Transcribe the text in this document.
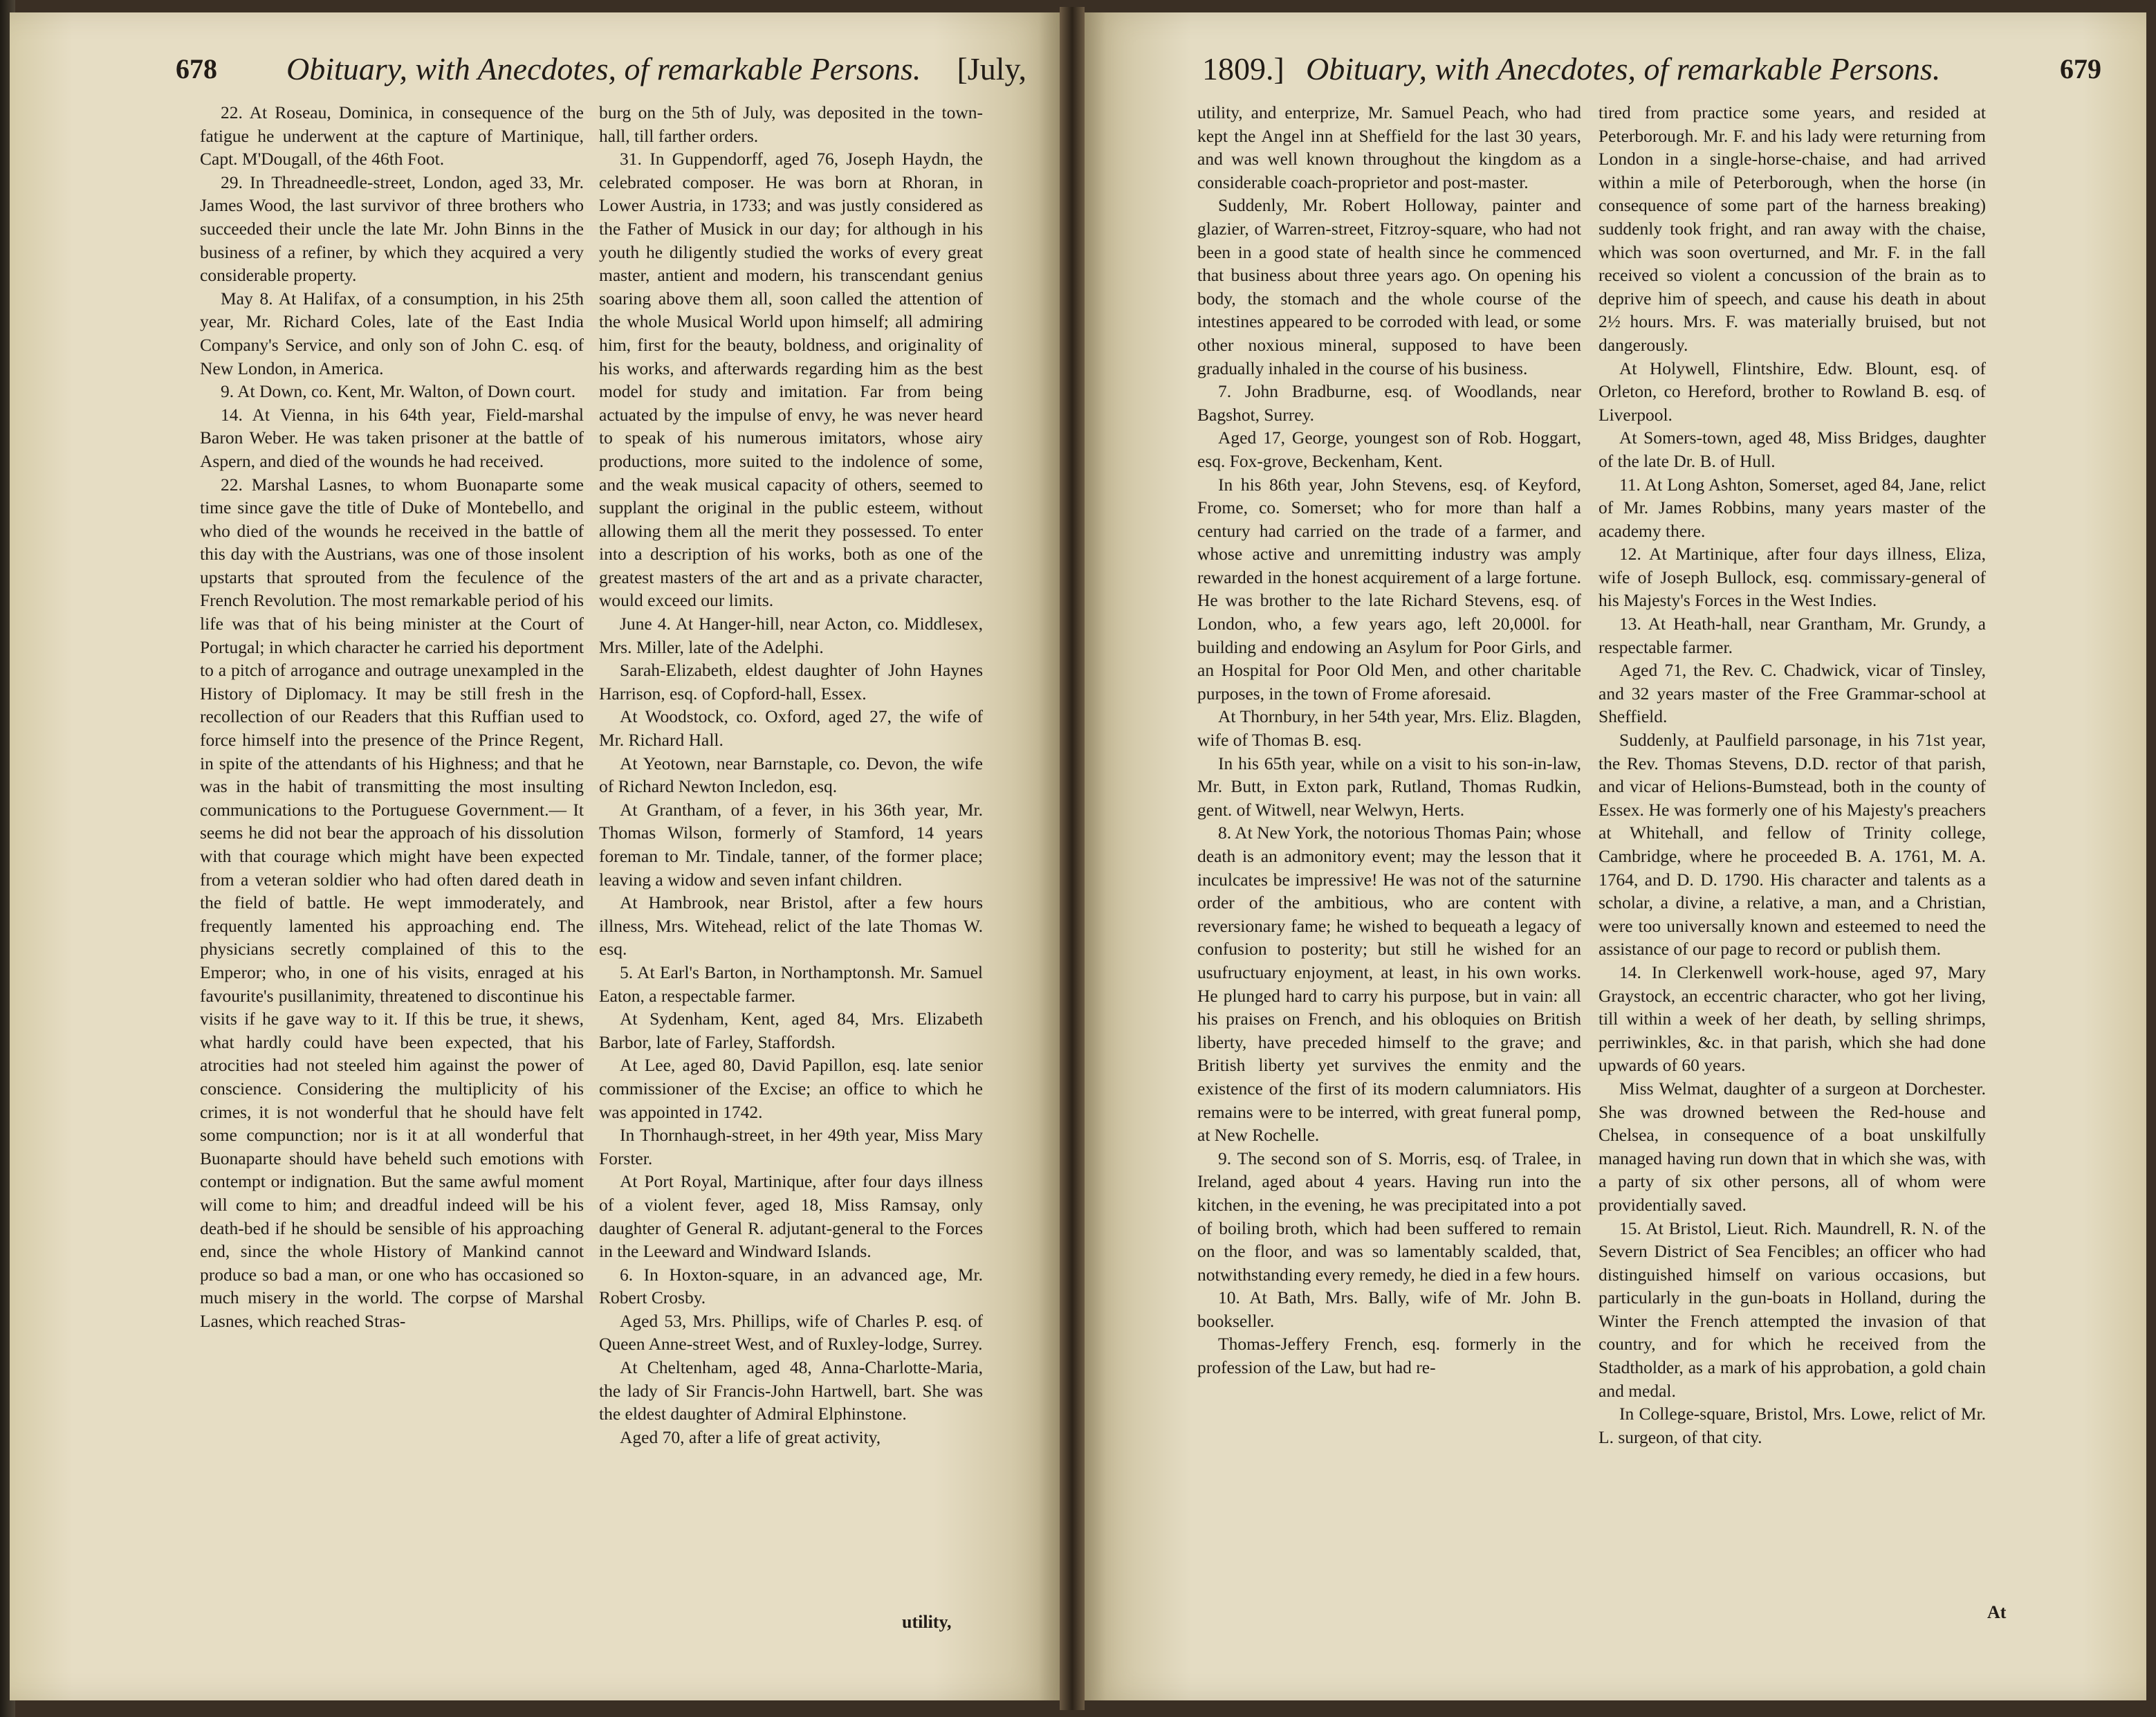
678 Obituary, with Anecdotes, of remarkable Persons. [July,

22. At Roseau, Dominica, in consequence of the fatigue he underwent at the capture of Martinique, Capt. M'Dougall, of the 46th Foot.

29. In Threadneedle-street, London, aged 33, Mr. James Wood, the last survivor of three brothers who succeeded their uncle the late Mr. John Binns in the business of a refiner, by which they acquired a very considerable property.

May 8. At Halifax, of a consumption, in his 25th year, Mr. Richard Coles, late of the East India Company's Service, and only son of John C. esq. of New London, in America.

9. At Down, co. Kent, Mr. Walton, of Down court.

14. At Vienna, in his 64th year, Field-marshal Baron Weber. He was taken prisoner at the battle of Aspern, and died of the wounds he had received.

22. Marshal Lasnes, to whom Buonaparte some time since gave the title of Duke of Montebello, and who died of the wounds he received in the battle of this day with the Austrians, was one of those insolent upstarts that sprouted from the feculence of the French Revolution. The most remarkable period of his life was that of his being minister at the Court of Portugal; in which character he carried his deportment to a pitch of arrogance and outrage unexampled in the History of Diplomacy. It may be still fresh in the recollection of our Readers that this Ruffian used to force himself into the presence of the Prince Regent, in spite of the attendants of his Highness; and that he was in the habit of transmitting the most insulting communications to the Portuguese Government.— It seems he did not bear the approach of his dissolution with that courage which might have been expected from a veteran soldier who had often dared death in the field of battle. He wept immoderately, and frequently lamented his approaching end. The physicians secretly complained of this to the Emperor; who, in one of his visits, enraged at his favourite's pusillanimity, threatened to discontinue his visits if he gave way to it. If this be true, it shews, what hardly could have been expected, that his atrocities had not steeled him against the power of conscience. Considering the multiplicity of his crimes, it is not wonderful that he should have felt some compunction; nor is it at all wonderful that Buonaparte should have beheld such emotions with contempt or indignation. But the same awful moment will come to him; and dreadful indeed will be his death-bed if he should be sensible of his approaching end, since the whole History of Mankind cannot produce so bad a man, or one who has occasioned so much misery in the world. The corpse of Marshal Lasnes, which reached Stras-

burg on the 5th of July, was deposited in the town-hall, till farther orders.

31. In Guppendorff, aged 76, Joseph Haydn, the celebrated composer. He was born at Rhoran, in Lower Austria, in 1733; and was justly considered as the Father of Musick in our day; for although in his youth he diligently studied the works of every great master, antient and modern, his transcendant genius soaring above them all, soon called the attention of the whole Musical World upon himself; all admiring him, first for the beauty, boldness, and originality of his works, and afterwards regarding him as the best model for study and imitation. Far from being actuated by the impulse of envy, he was never heard to speak of his numerous imitators, whose airy productions, more suited to the indolence of some, and the weak musical capacity of others, seemed to supplant the original in the public esteem, without allowing them all the merit they possessed. To enter into a description of his works, both as one of the greatest masters of the art and as a private character, would exceed our limits.

June 4. At Hanger-hill, near Acton, co. Middlesex, Mrs. Miller, late of the Adelphi.

Sarah-Elizabeth, eldest daughter of John Haynes Harrison, esq. of Copford-hall, Essex.

At Woodstock, co. Oxford, aged 27, the wife of Mr. Richard Hall.

At Yeotown, near Barnstaple, co. Devon, the wife of Richard Newton Incledon, esq.

At Grantham, of a fever, in his 36th year, Mr. Thomas Wilson, formerly of Stamford, 14 years foreman to Mr. Tindale, tanner, of the former place; leaving a widow and seven infant children.

At Hambrook, near Bristol, after a few hours illness, Mrs. Witehead, relict of the late Thomas W. esq.

5. At Earl's Barton, in Northamptonsh. Mr. Samuel Eaton, a respectable farmer.

At Sydenham, Kent, aged 84, Mrs. Elizabeth Barbor, late of Farley, Staffordsh.

At Lee, aged 80, David Papillon, esq. late senior commissioner of the Excise; an office to which he was appointed in 1742.

In Thornhaugh-street, in her 49th year, Miss Mary Forster.

At Port Royal, Martinique, after four days illness of a violent fever, aged 18, Miss Ramsay, only daughter of General R. adjutant-general to the Forces in the Leeward and Windward Islands.

6. In Hoxton-square, in an advanced age, Mr. Robert Crosby.

Aged 53, Mrs. Phillips, wife of Charles P. esq. of Queen Anne-street West, and of Ruxley-lodge, Surrey.

At Cheltenham, aged 48, Anna-Charlotte-Maria, the lady of Sir Francis-John Hartwell, bart. She was the eldest daughter of Admiral Elphinstone.

Aged 70, after a life of great activity,

utility,
1809.] Obituary, with Anecdotes, of remarkable Persons.	679

utility, and enterprize, Mr. Samuel Peach, who had kept the Angel inn at Sheffield for the last 30 years, and was well known throughout the kingdom as a considerable coach-proprietor and post-master.

Suddenly, Mr. Robert Holloway, painter and glazier, of Warren-street, Fitzroy-square, who had not been in a good state of health since he commenced that business about three years ago. On opening his body, the stomach and the whole course of the intestines appeared to be corroded with lead, or some other noxious mineral, supposed to have been gradually inhaled in the course of his business.

7. John Bradburne, esq. of Woodlands, near Bagshot, Surrey.

Aged 17, George, youngest son of Rob. Hoggart, esq. Fox-grove, Beckenham, Kent.

In his 86th year, John Stevens, esq. of Keyford, Frome, co. Somerset; who for more than half a century had carried on the trade of a farmer, and whose active and unremitting industry was amply rewarded in the honest acquirement of a large fortune. He was brother to the late Richard Stevens, esq. of London, who, a few years ago, left 20,000l. for building and endowing an Asylum for Poor Girls, and an Hospital for Poor Old Men, and other charitable purposes, in the town of Frome aforesaid.

At Thornbury, in her 54th year, Mrs. Eliz. Blagden, wife of Thomas B. esq.

In his 65th year, while on a visit to his son-in-law, Mr. Butt, in Exton park, Rutland, Thomas Rudkin, gent. of Witwell, near Welwyn, Herts.

8. At New York, the notorious Thomas Pain; whose death is an admonitory event; may the lesson that it inculcates be impressive! He was not of the saturnine order of the ambitious, who are content with reversionary fame; he wished to bequeath a legacy of confusion to posterity; but still he wished for an usufructuary enjoyment, at least, in his own works. He plunged hard to carry his purpose, but in vain: all his praises on French, and his obloquies on British liberty, have preceded himself to the grave; and British liberty yet survives the enmity and the existence of the first of its modern calumniators. His remains were to be interred, with great funeral pomp, at New Rochelle.

9. The second son of S. Morris, esq. of Tralee, in Ireland, aged about 4 years. Having run into the kitchen, in the evening, he was precipitated into a pot of boiling broth, which had been suffered to remain on the floor, and was so lamentably scalded, that, notwithstanding every remedy, he died in a few hours.

10. At Bath, Mrs. Bally, wife of Mr. John B. bookseller.

Thomas-Jeffery French, esq. formerly in the profession of the Law, but had re-

tired from practice some years, and resided at Peterborough. Mr. F. and his lady were returning from London in a single-horse-chaise, and had arrived within a mile of Peterborough, when the horse (in consequence of some part of the harness breaking) suddenly took fright, and ran away with the chaise, which was soon overturned, and Mr. F. in the fall received so violent a concussion of the brain as to deprive him of speech, and cause his death in about 2½ hours. Mrs. F. was materially bruised, but not dangerously.

At Holywell, Flintshire, Edw. Blount, esq. of Orleton, co Hereford, brother to Rowland B. esq. of Liverpool.

At Somers-town, aged 48, Miss Bridges, daughter of the late Dr. B. of Hull.

11. At Long Ashton, Somerset, aged 84, Jane, relict of Mr. James Robbins, many years master of the academy there.

12. At Martinique, after four days illness, Eliza, wife of Joseph Bullock, esq. commissary-general of his Majesty's Forces in the West Indies.

13. At Heath-hall, near Grantham, Mr. Grundy, a respectable farmer.

Aged 71, the Rev. C. Chadwick, vicar of Tinsley, and 32 years master of the Free Grammar-school at Sheffield.

Suddenly, at Paulfield parsonage, in his 71st year, the Rev. Thomas Stevens, D.D. rector of that parish, and vicar of Helions-Bumstead, both in the county of Essex. He was formerly one of his Majesty's preachers at Whitehall, and fellow of Trinity college, Cambridge, where he proceeded B. A. 1761, M. A. 1764, and D. D. 1790. His character and talents as a scholar, a divine, a relative, a man, and a Christian, were too universally known and esteemed to need the assistance of our page to record or publish them.

14. In Clerkenwell work-house, aged 97, Mary Graystock, an eccentric character, who got her living, till within a week of her death, by selling shrimps, perriwinkles, &c. in that parish, which she had done upwards of 60 years.

Miss Welmat, daughter of a surgeon at Dorchester. She was drowned between the Red-house and Chelsea, in consequence of a boat unskilfully managed having run down that in which she was, with a party of six other persons, all of whom were providentially saved.

15. At Bristol, Lieut. Rich. Maundrell, R. N. of the Severn District of Sea Fencibles; an officer who had distinguished himself on various occasions, but particularly in the gun-boats in Holland, during the Winter the French attempted the invasion of that country, and for which he received from the Stadtholder, as a mark of his approbation, a gold chain and medal.

In College-square, Bristol, Mrs. Lowe, relict of Mr. L. surgeon, of that city.

At
